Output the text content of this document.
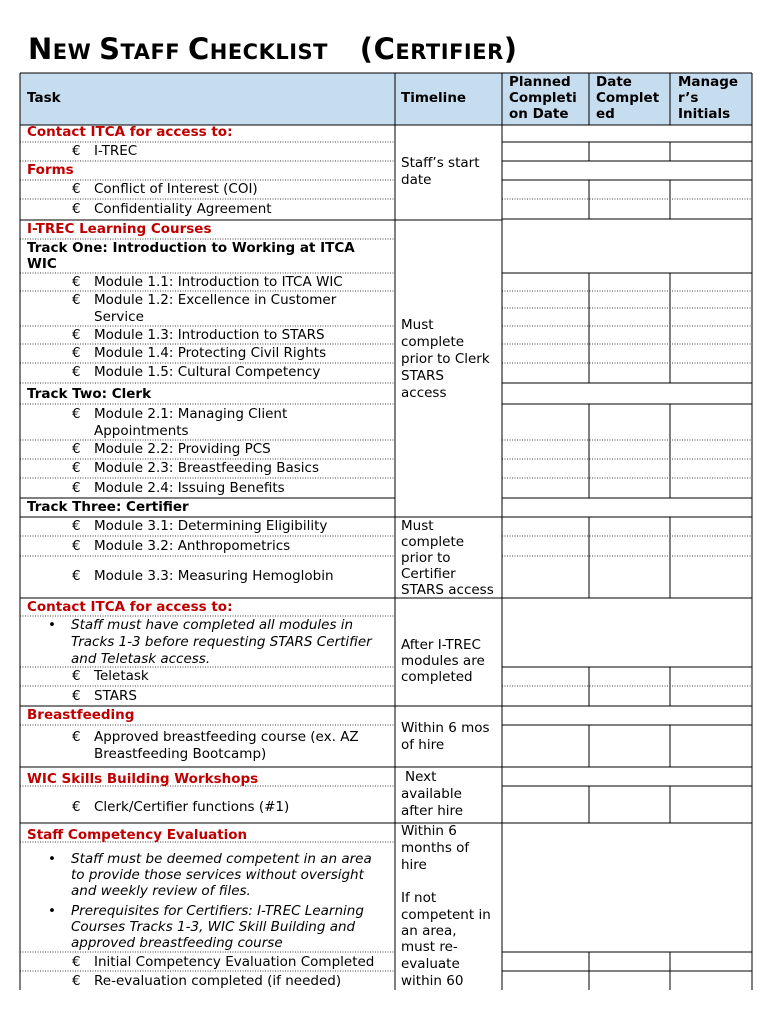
NEW STAFF CHECKLIST (CERTIFIER)
Task	Timeline
Planned
Completi
on Date
Date
Complet
ed
Manage
r’s
Initials
Contact ITCA for access to:
€ I-TREC
Forms
€ Conflict of Interest (COI)
€ Confidentiality Agreement
Staff’s start
date
I-TREC Learning Courses
Track One: Introduction to Working at ITCA
WIC
€ Module 1.1: Introduction to ITCA WIC
€ Module 1.2: Excellence in Customer
Service
€ Module 1.3: Introduction to STARS
€ Module 1.4: Protecting Civil Rights
€ Module 1.5: Cultural Competency
Must
complete
prior to Clerk
STARS
access
Track Two: Clerk
€ Module 2.1: Managing Client
Appointments
€ Module 2.2: Providing PCS
€ Module 2.3: Breastfeeding Basics
€ Module 2.4: Issuing Benefits
Track Three: Certifier
€ Module 3.1: Determining Eligibility
€ Module 3.2: Anthropometrics
€ Module 3.3: Measuring Hemoglobin
Must
complete
prior to
Certifier
STARS access
Contact ITCA for access to:
• Staff must have completed all modules in
Tracks 1-3 before requesting STARS Certifier
and Teletask access.
€ Teletask
€ STARS
After I-TREC
modules are
completed
Breastfeeding
€ Approved breastfeeding course (ex. AZ
Breastfeeding Bootcamp)
Within 6 mos
of hire
WIC Skills Building Workshops
€ Clerk/Certifier functions (#1)
Next
available
after hire
Staff Competency Evaluation
• Staff must be deemed competent in an area
to provide those services without oversight
and weekly review of files.
• Prerequisites for Certifiers: I-TREC Learning
Courses Tracks 1-3, WIC Skill Building and
approved breastfeeding course
€ Initial Competency Evaluation Completed
€ Re-evaluation completed (if needed)
Within 6
months of
hire
If not
competent in
an area,
must re-
evaluate
within 60
